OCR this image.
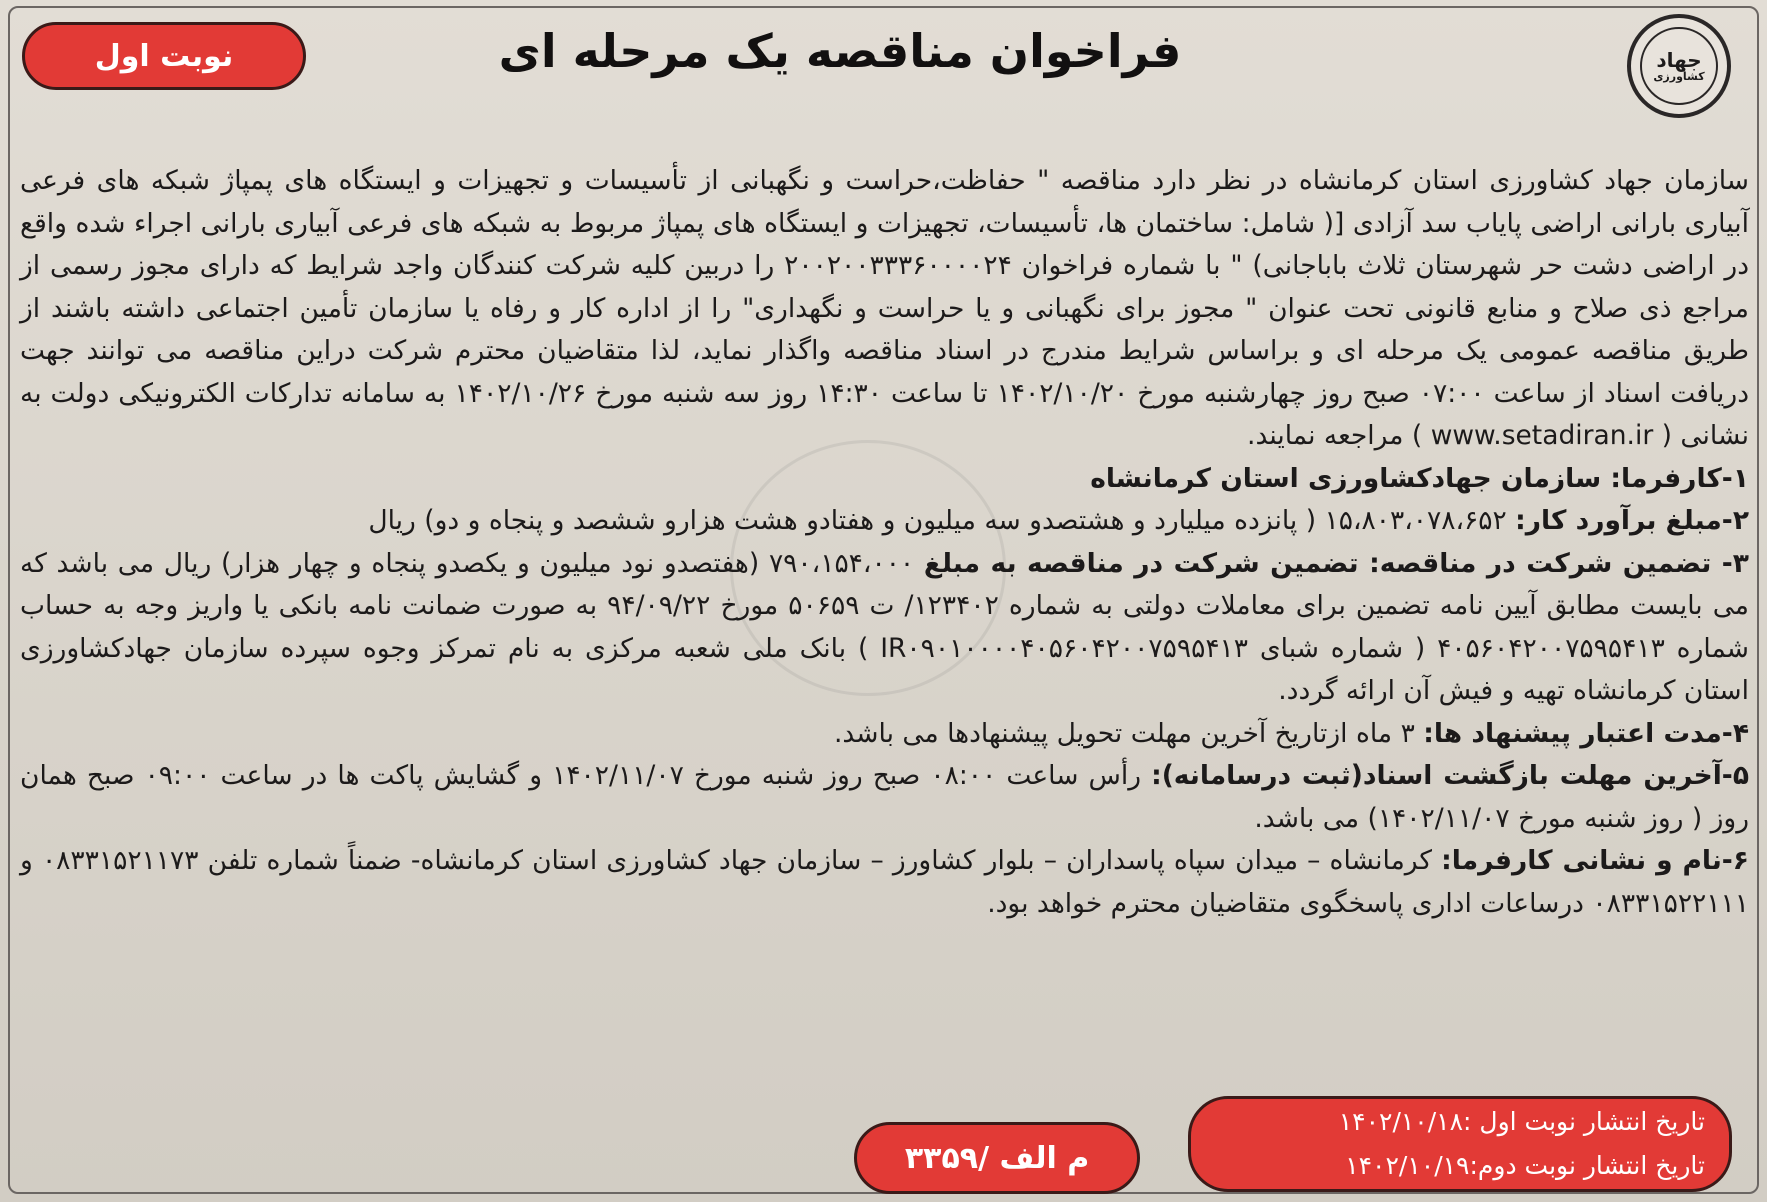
جهاد
کشاورزی
فراخوان مناقصه یک مرحله ای
نوبت اول

سازمان جهاد کشاورزی استان کرمانشاه در نظر دارد مناقصه " حفاظت،حراست و نگهبانی از تأسیسات و تجهیزات و ایستگاه های پمپاژ شبکه های فرعی آبیاری بارانی اراضی پایاب سد آزادی [( شامل: ساختمان ها، تأسیسات، تجهیزات و ایستگاه های پمپاژ مربوط به شبکه های فرعی آبیاری بارانی اجراء شده واقع در اراضی دشت حر شهرستان ثلاث باباجانی) " با شماره فراخوان ۲۰۰۲۰۰۳۳۳۶۰۰۰۰۲۴ را دربین کلیه شرکت کنندگان واجد شرایط که دارای مجوز رسمی از مراجع ذی صلاح و منابع قانونی تحت عنوان " مجوز برای نگهبانی و یا حراست و نگهداری" را از اداره کار و رفاه یا سازمان تأمین اجتماعی داشته باشند از طریق مناقصه عمومی یک مرحله ای و براساس شرایط مندرج در اسناد مناقصه واگذار نماید، لذا متقاضیان محترم شرکت دراین مناقصه می توانند جهت دریافت اسناد از ساعت ۰۷:۰۰ صبح روز چهارشنبه مورخ ۱۴۰۲/۱۰/۲۰ تا ساعت ۱۴:۳۰ روز سه شنبه مورخ ۱۴۰۲/۱۰/۲۶ به سامانه تدارکات الکترونیکی دولت به نشانی ( www.setadiran.ir ) مراجعه نمایند.

۱-کارفرما: سازمان جهادکشاورزی استان کرمانشاه

۲-مبلغ برآورد کار: ۱۵،۸۰۳،۰۷۸،۶۵۲ ( پانزده میلیارد و هشتصدو سه میلیون و هفتادو هشت هزارو ششصد و پنجاه و دو) ریال

۳- تضمین شرکت در مناقصه: تضمین شرکت در مناقصه به مبلغ ۷۹۰،۱۵۴،۰۰۰ (هفتصدو نود میلیون و یکصدو پنجاه و چهار هزار) ریال می باشد که می بایست مطابق آیین نامه تضمین برای معاملات دولتی به شماره ۱۲۳۴۰۲/ ت ۵۰۶۵۹ مورخ ۹۴/۰۹/۲۲ به صورت ضمانت نامه بانکی یا واریز وجه به حساب شماره ۴۰۵۶۰۴۲۰۰۷۵۹۵۴۱۳ ( شماره شبای IR۰۹۰۱۰۰۰۰۴۰۵۶۰۴۲۰۰۷۵۹۵۴۱۳ ) بانک ملی شعبه مرکزی به نام تمرکز وجوه سپرده سازمان جهادکشاورزی استان کرمانشاه تهیه و فیش آن ارائه گردد.

۴-مدت اعتبار پیشنهاد ها: ۳ ماه ازتاریخ آخرین مهلت تحویل پیشنهادها می باشد.

۵-آخرین مهلت بازگشت اسناد(ثبت درسامانه): رأس ساعت ۰۸:۰۰ صبح روز شنبه مورخ ۱۴۰۲/۱۱/۰۷ و گشایش پاکت ها در ساعت ۰۹:۰۰ صبح همان روز ( روز شنبه مورخ ۱۴۰۲/۱۱/۰۷) می باشد.

۶-نام و نشانی کارفرما: کرمانشاه – میدان سپاه پاسداران – بلوار کشاورز – سازمان جهاد کشاورزی استان کرمانشاه- ضمناً شماره تلفن ۰۸۳۳۱۵۲۱۱۷۳ و ۰۸۳۳۱۵۲۲۱۱۱ درساعات اداری پاسخگوی متقاضیان محترم خواهد بود.

تاریخ انتشار نوبت اول :۱۴۰۲/۱۰/۱۸
تاریخ انتشار نوبت دوم:۱۴۰۲/۱۰/۱۹
م الف /۳۳۵۹
